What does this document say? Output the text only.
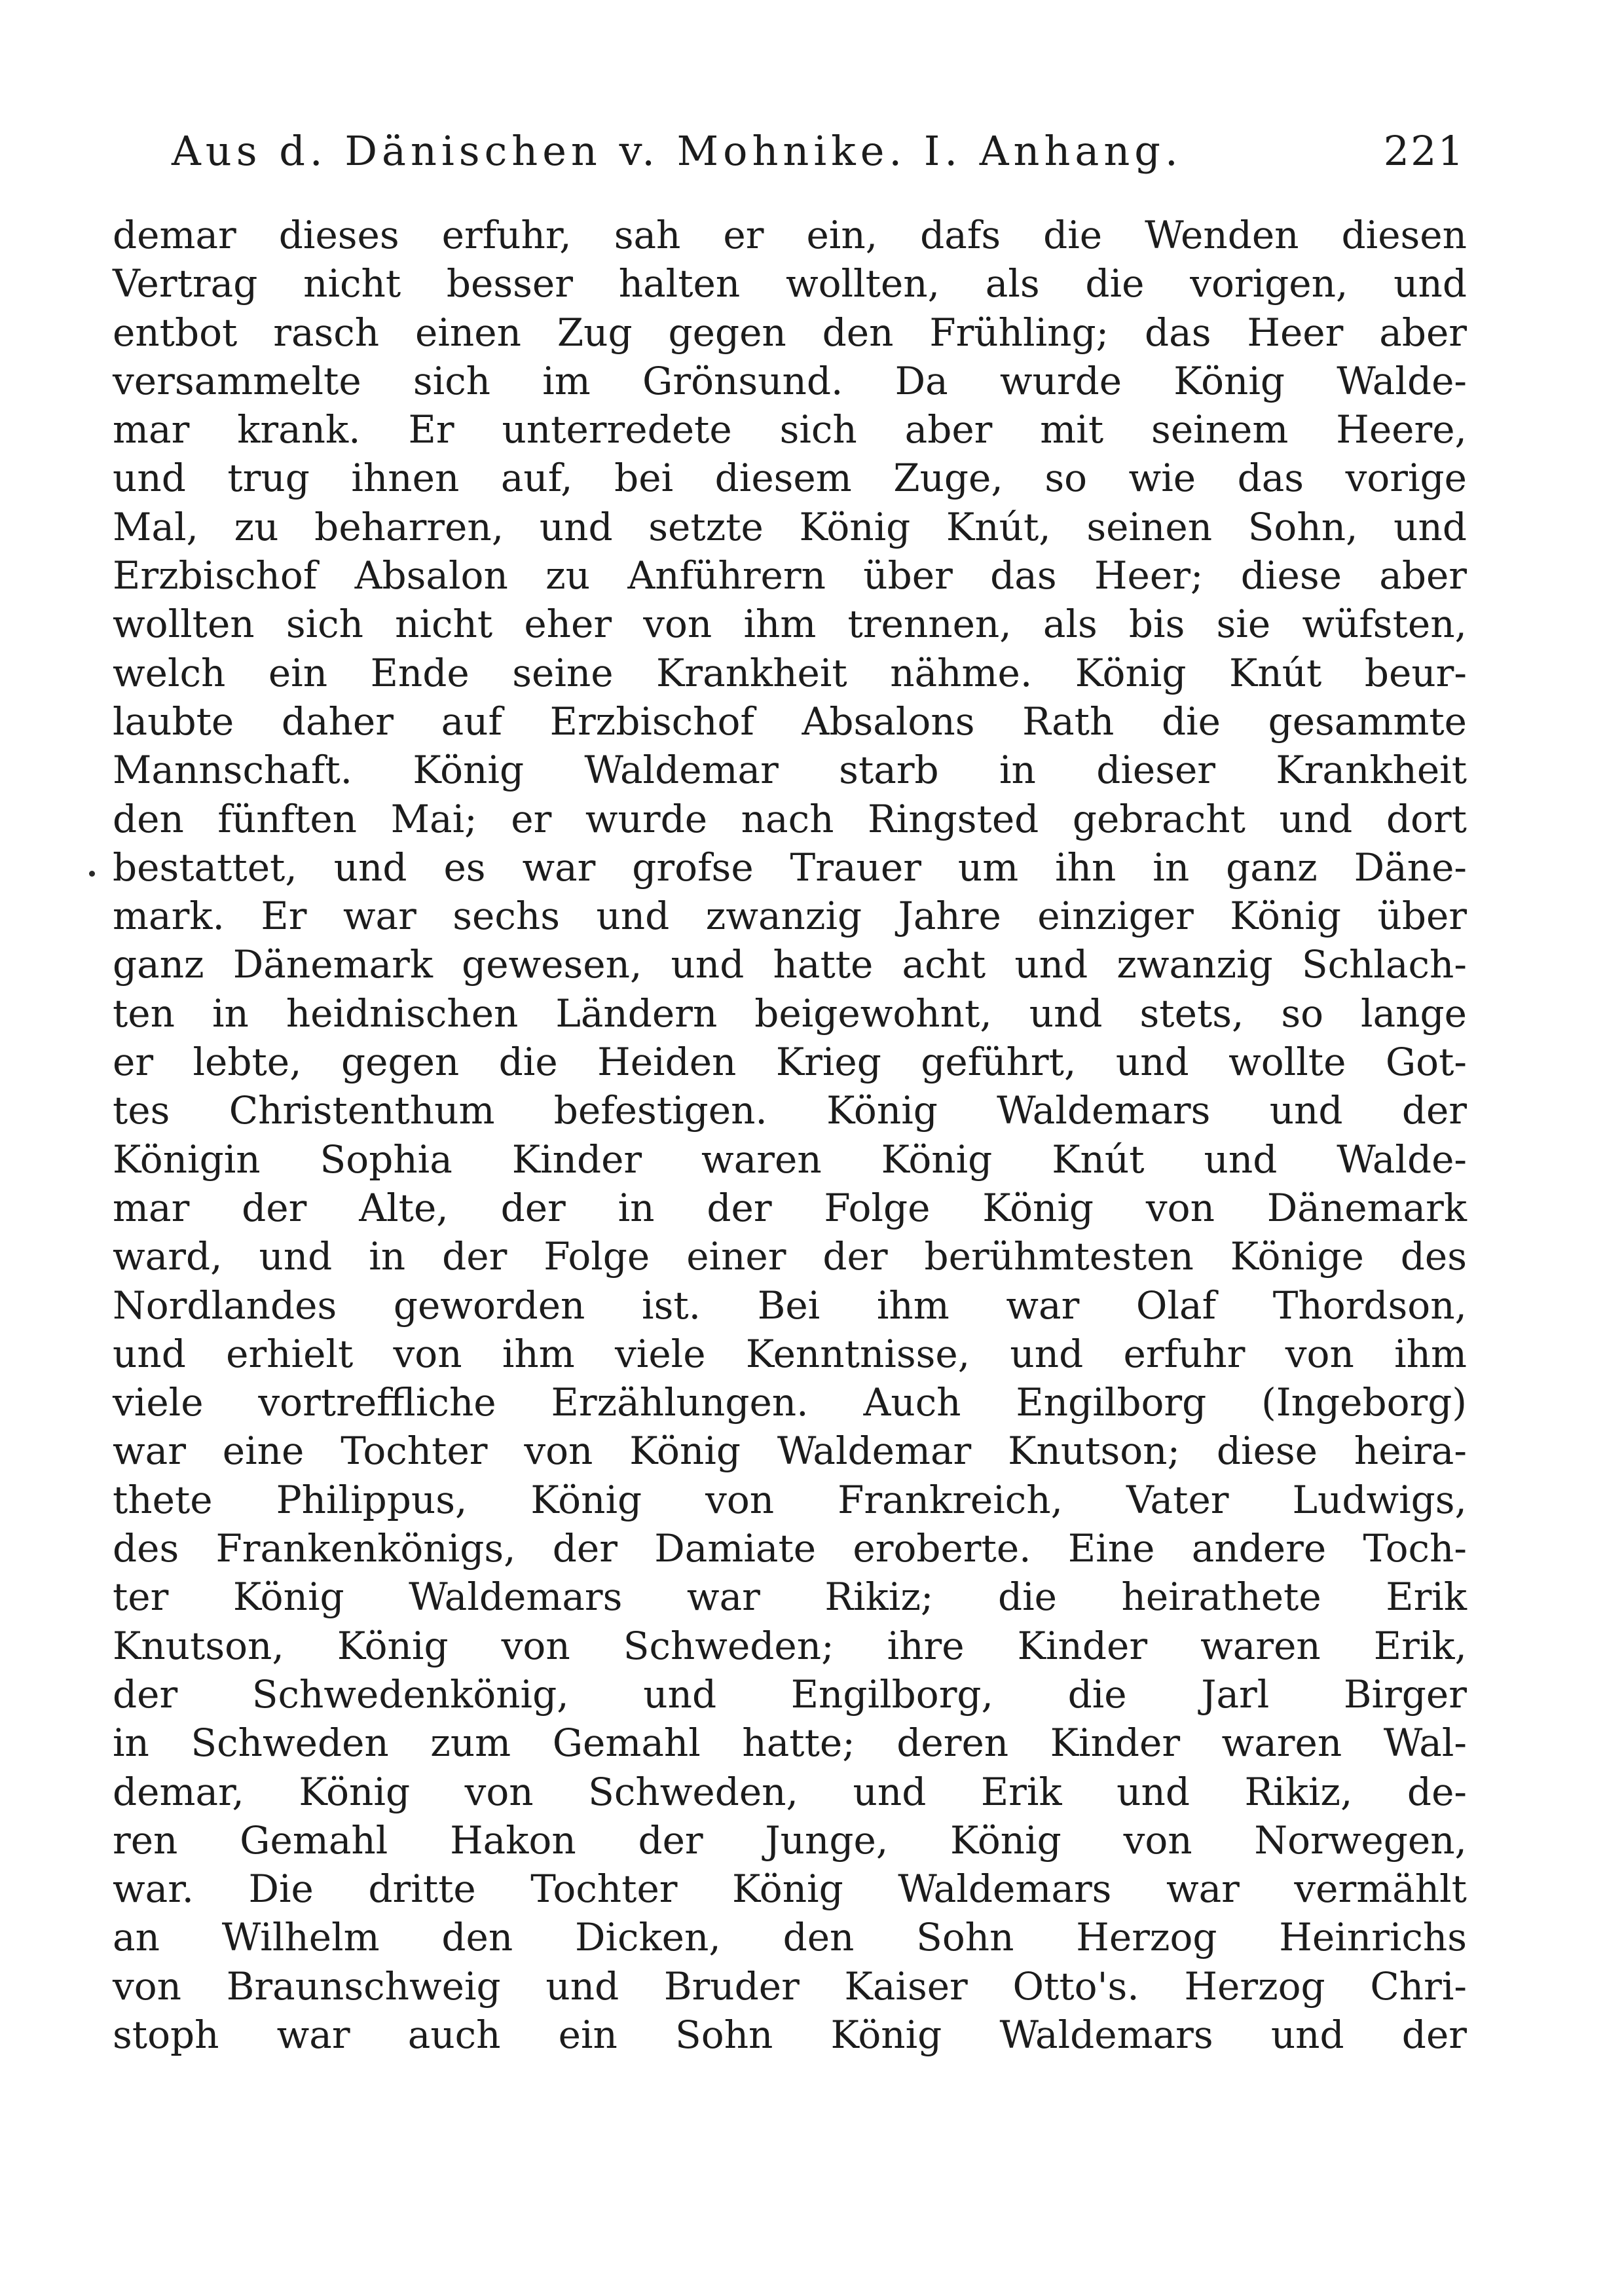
Aus d. Dänischen v. Mohnike. I. Anhang.	221
demar dieses erfuhr, sah er ein, dafs die Wenden diesen
Vertrag nicht besser halten wollten, als die vorigen, und
entbot rasch einen Zug gegen den Frühling; das Heer aber
versammelte sich im Grönsund. Da wurde König Walde-
mar krank. Er unterredete sich aber mit seinem Heere,
und trug ihnen auf, bei diesem Zuge, so wie das vorige
Mal, zu beharren, und setzte König Knút, seinen Sohn, und
Erzbischof Absalon zu Anführern über das Heer; diese aber
wollten sich nicht eher von ihm trennen, als bis sie wüfsten,
welch ein Ende seine Krankheit nähme. König Knút beur-
laubte daher auf Erzbischof Absalons Rath die gesammte
Mannschaft. König Waldemar starb in dieser Krankheit
den fünften Mai; er wurde nach Ringsted gebracht und dort
bestattet, und es war grofse Trauer um ihn in ganz Däne-
mark. Er war sechs und zwanzig Jahre einziger König über
ganz Dänemark gewesen, und hatte acht und zwanzig Schlach-
ten in heidnischen Ländern beigewohnt, und stets, so lange
er lebte, gegen die Heiden Krieg geführt, und wollte Got-
tes Christenthum befestigen. König Waldemars und der
Königin Sophia Kinder waren König Knút und Walde-
mar der Alte, der in der Folge König von Dänemark
ward, und in der Folge einer der berühmtesten Könige des
Nordlandes geworden ist. Bei ihm war Olaf Thordson,
und erhielt von ihm viele Kenntnisse, und erfuhr von ihm
viele vortreffliche Erzählungen. Auch Engilborg (Ingeborg)
war eine Tochter von König Waldemar Knutson; diese heira-
thete Philippus, König von Frankreich, Vater Ludwigs,
des Frankenkönigs, der Damiate eroberte. Eine andere Toch-
ter König Waldemars war Rikiz; die heirathete Erik
Knutson, König von Schweden; ihre Kinder waren Erik,
der Schwedenkönig, und Engilborg, die Jarl Birger
in Schweden zum Gemahl hatte; deren Kinder waren Wal-
demar, König von Schweden, und Erik und Rikiz, de-
ren Gemahl Hakon der Junge, König von Norwegen,
war. Die dritte Tochter König Waldemars war vermählt
an Wilhelm den Dicken, den Sohn Herzog Heinrichs
von Braunschweig und Bruder Kaiser Otto's. Herzog Chri-
stoph war auch ein Sohn König Waldemars und der
